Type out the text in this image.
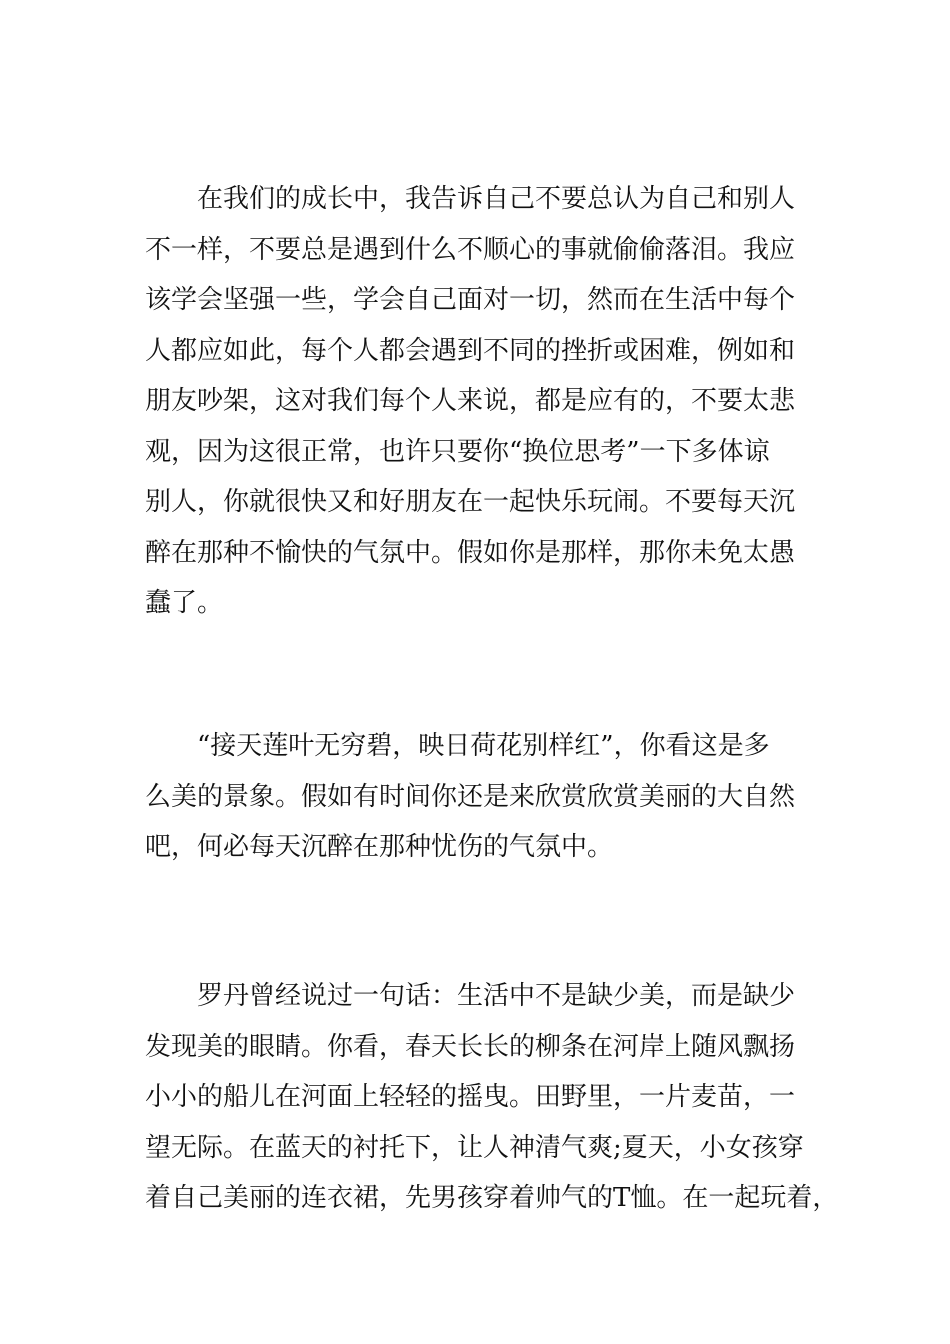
在我们的成长中，我告诉自己不要总认为自己和别人
不一样，不要总是遇到什么不顺心的事就偷偷落泪。我应
该学会坚强一些，学会自己面对一切，然而在生活中每个
人都应如此，每个人都会遇到不同的挫折或困难，例如和
朋友吵架，这对我们每个人来说，都是应有的，不要太悲
观，因为这很正常，也许只要你“换位思考”一下多体谅
别人，你就很快又和好朋友在一起快乐玩闹。不要每天沉
醉在那种不愉快的气氛中。假如你是那样，那你未免太愚
蠢了。

“接天莲叶无穷碧，映日荷花别样红”，你看这是多
么美的景象。假如有时间你还是来欣赏欣赏美丽的大自然
吧，何必每天沉醉在那种忧伤的气氛中。

罗丹曾经说过一句话：生活中不是缺少美，而是缺少
发现美的眼睛。你看，春天长长的柳条在河岸上随风飘扬
小小的船儿在河面上轻轻的摇曳。田野里，一片麦苗，一
望无际。在蓝天的衬托下，让人神清气爽;夏天，小女孩穿
着自己美丽的连衣裙，先男孩穿着帅气的T恤。在一起玩着，
